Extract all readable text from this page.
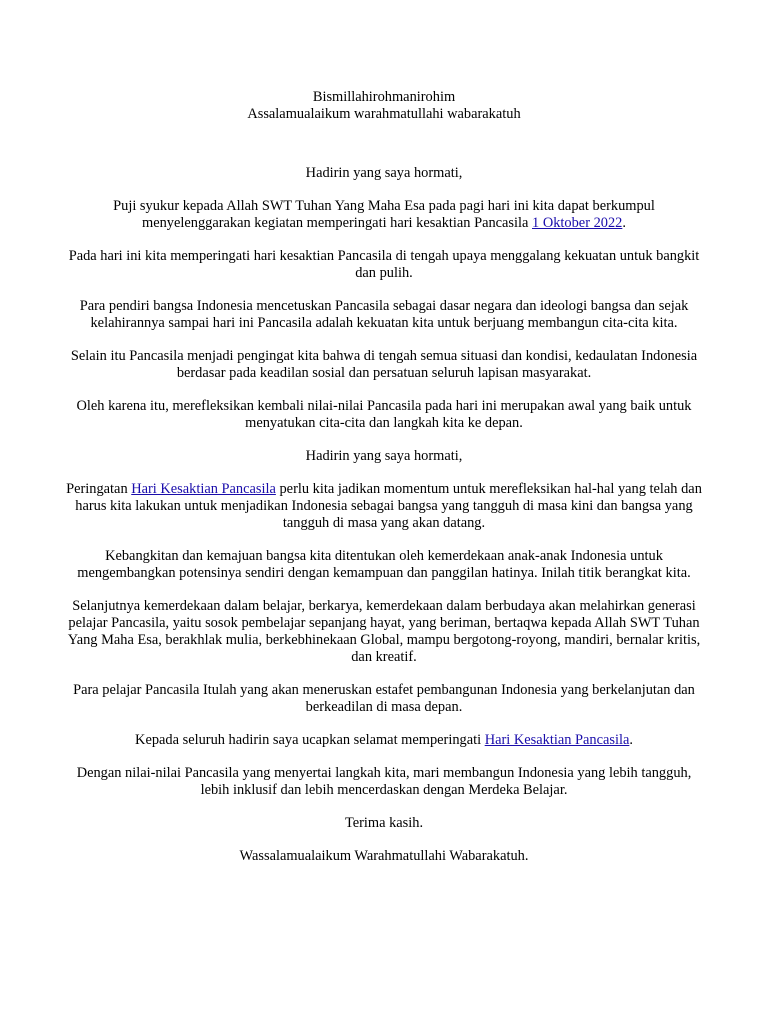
Bismillahirohmanirohim

Assalamualaikum warahmatullahi wabarakatuh

Hadirin yang saya hormati,

Puji syukur kepada Allah SWT Tuhan Yang Maha Esa pada pagi hari ini kita dapat berkumpul menyelenggarakan kegiatan memperingati hari kesaktian Pancasila 1 Oktober 2022.

Pada hari ini kita memperingati hari kesaktian Pancasila di tengah upaya menggalang kekuatan untuk bangkit dan pulih.

Para pendiri bangsa Indonesia mencetuskan Pancasila sebagai dasar negara dan ideologi bangsa dan sejak kelahirannya sampai hari ini Pancasila adalah kekuatan kita untuk berjuang membangun cita-cita kita.

Selain itu Pancasila menjadi pengingat kita bahwa di tengah semua situasi dan kondisi, kedaulatan Indonesia berdasar pada keadilan sosial dan persatuan seluruh lapisan masyarakat.

Oleh karena itu, merefleksikan kembali nilai-nilai Pancasila pada hari ini merupakan awal yang baik untuk menyatukan cita-cita dan langkah kita ke depan.

Hadirin yang saya hormati,

Peringatan Hari Kesaktian Pancasila perlu kita jadikan momentum untuk merefleksikan hal-hal yang telah dan harus kita lakukan untuk menjadikan Indonesia sebagai bangsa yang tangguh di masa kini dan bangsa yang tangguh di masa yang akan datang.

Kebangkitan dan kemajuan bangsa kita ditentukan oleh kemerdekaan anak-anak Indonesia untuk mengembangkan potensinya sendiri dengan kemampuan dan panggilan hatinya. Inilah titik berangkat kita.

Selanjutnya kemerdekaan dalam belajar, berkarya, kemerdekaan dalam berbudaya akan melahirkan generasi pelajar Pancasila, yaitu sosok pembelajar sepanjang hayat, yang beriman, bertaqwa kepada Allah SWT Tuhan Yang Maha Esa, berakhlak mulia, berkebhinekaan Global, mampu bergotong-royong, mandiri, bernalar kritis, dan kreatif.

Para pelajar Pancasila Itulah yang akan meneruskan estafet pembangunan Indonesia yang berkelanjutan dan berkeadilan di masa depan.

Kepada seluruh hadirin saya ucapkan selamat memperingati Hari Kesaktian Pancasila.

Dengan nilai-nilai Pancasila yang menyertai langkah kita, mari membangun Indonesia yang lebih tangguh, lebih inklusif dan lebih mencerdaskan dengan Merdeka Belajar.

Terima kasih.

Wassalamualaikum Warahmatullahi Wabarakatuh.
